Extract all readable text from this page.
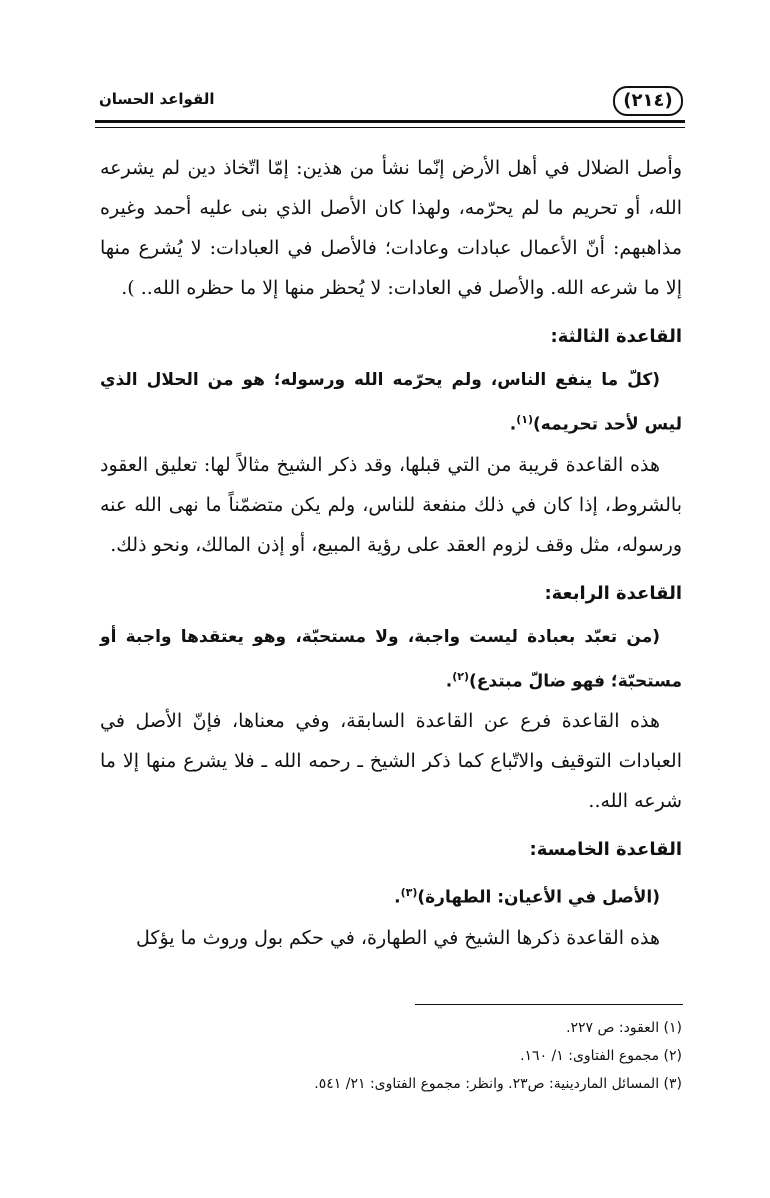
(٢١٤)
القواعد الحسان

وأصل الضلال في أهل الأرض إنّما نشأ من هذين: إمّا اتّخاذ دين لم يشرعه الله، أو تحريم ما لم يحرّمه، ولهذا كان الأصل الذي بنى عليه أحمد وغيره مذاهبهم: أنّ الأعمال عبادات وعادات؛ فالأصل في العبادات: لا يُشرع منها إلا ما شرعه الله. والأصل في العادات: لا يُحظر منها إلا ما حظره الله.. ).

القاعدة الثالثة:

(كلّ ما ينفع الناس، ولم يحرّمه الله ورسوله؛ هو من الحلال الذي ليس لأحد تحريمه)$^{(١)}$.

هذه القاعدة قريبة من التي قبلها، وقد ذكر الشيخ مثالاً لها: تعليق العقود بالشروط، إذا كان في ذلك منفعة للناس، ولم يكن متضمّناً ما نهى الله عنه ورسوله، مثل وقف لزوم العقد على رؤية المبيع، أو إذن المالك، ونحو ذلك.

القاعدة الرابعة:

(من تعبّد بعبادة ليست واجبة، ولا مستحبّة، وهو يعتقدها واجبة أو مستحبّة؛ فهو ضالّ مبتدع)$^{(٢)}$.

هذه القاعدة فرع عن القاعدة السابقة، وفي معناها، فإنّ الأصل في العبادات التوقيف والاتّباع كما ذكر الشيخ ـ رحمه الله ـ فلا يشرع منها إلا ما شرعه الله..

القاعدة الخامسة:

(الأصل في الأعيان: الطهارة)$^{(٣)}$.

هذه القاعدة ذكرها الشيخ في الطهارة، في حكم بول وروث ما يؤكل

(١) العقود: ص ٢٢٧.
(٢) مجموع الفتاوى: ١/ ١٦٠.
(٣) المسائل الماردينية: ص٢٣. وانظر: مجموع الفتاوى: ٢١/ ٥٤١.
